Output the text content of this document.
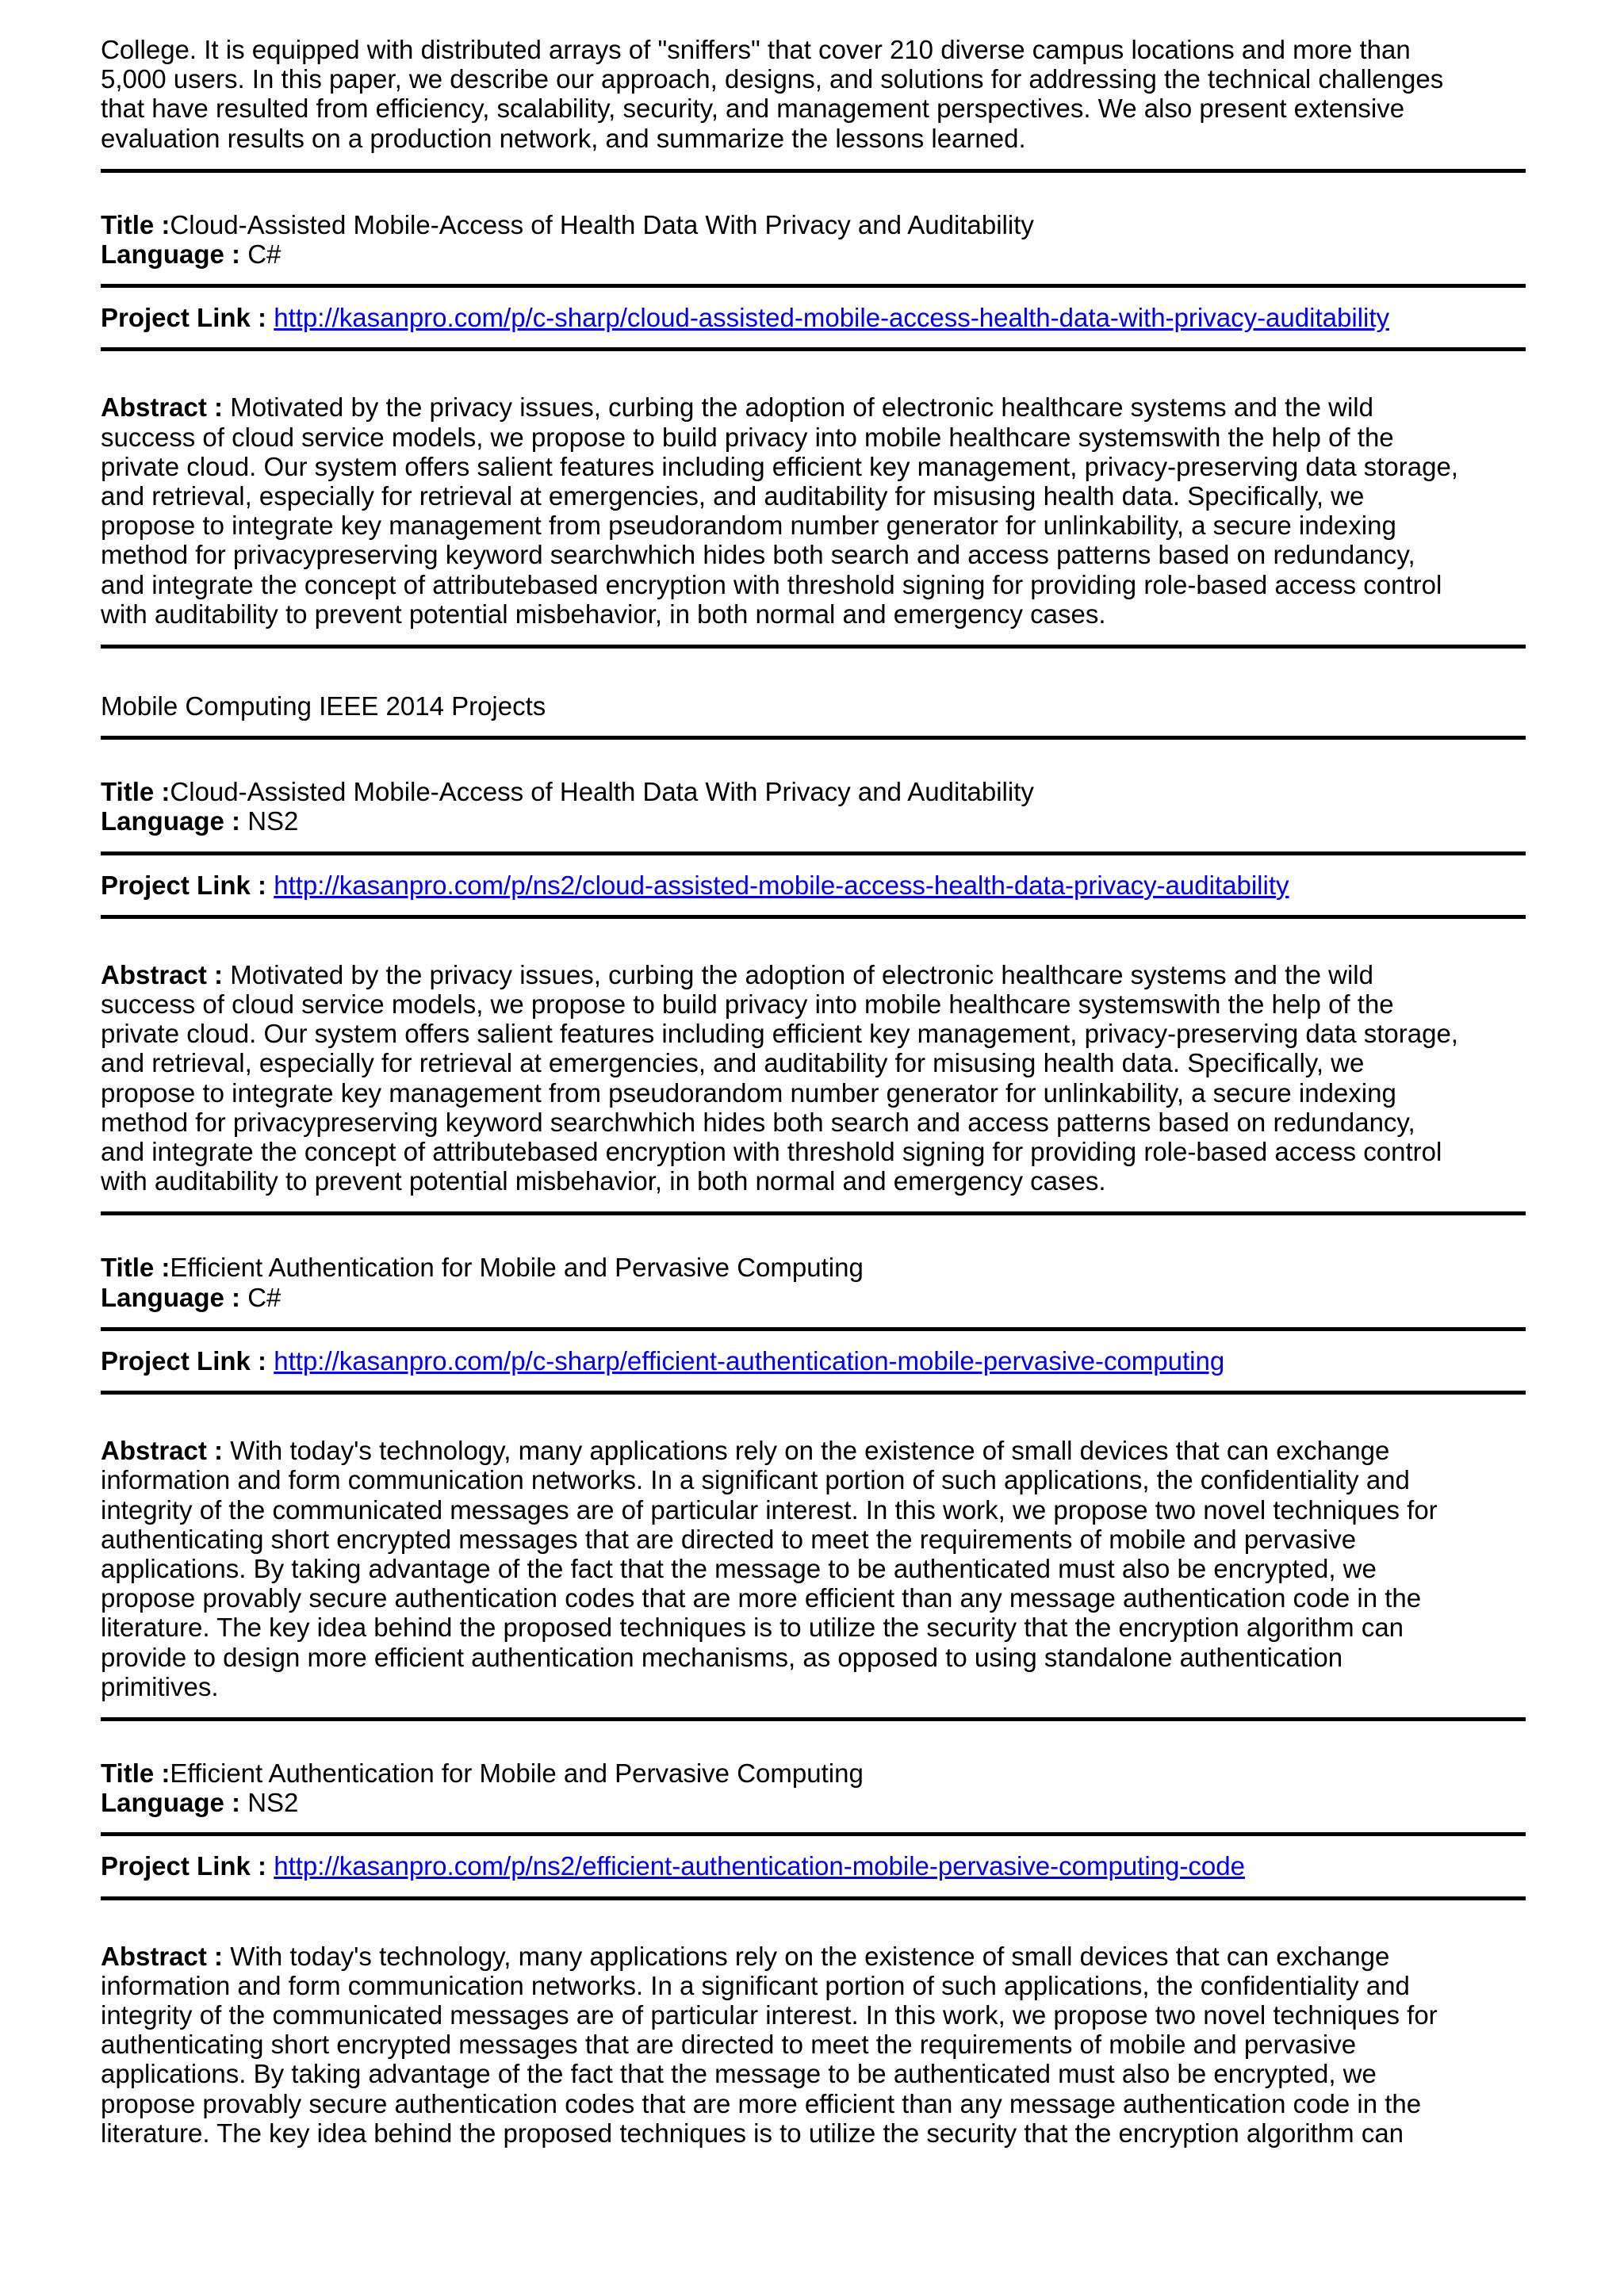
College. It is equipped with distributed arrays of "sniffers" that cover 210 diverse campus locations and more than
5,000 users. In this paper, we describe our approach, designs, and solutions for addressing the technical challenges
that have resulted from efficiency, scalability, security, and management perspectives. We also present extensive
evaluation results on a production network, and summarize the lessons learned.

Title :Cloud-Assisted Mobile-Access of Health Data With Privacy and Auditability
Language : C#
Project Link : http://kasanpro.com/p/c-sharp/cloud-assisted-mobile-access-health-data-with-privacy-auditability

Abstract : Motivated by the privacy issues, curbing the adoption of electronic healthcare systems and the wild
success of cloud service models, we propose to build privacy into mobile healthcare systemswith the help of the
private cloud. Our system offers salient features including efficient key management, privacy-preserving data storage,
and retrieval, especially for retrieval at emergencies, and auditability for misusing health data. Specifically, we
propose to integrate key management from pseudorandom number generator for unlinkability, a secure indexing
method for privacypreserving keyword searchwhich hides both search and access patterns based on redundancy,
and integrate the concept of attributebased encryption with threshold signing for providing role-based access control
with auditability to prevent potential misbehavior, in both normal and emergency cases.

Mobile Computing IEEE 2014 Projects
Title :Cloud-Assisted Mobile-Access of Health Data With Privacy and Auditability
Language : NS2
Project Link : http://kasanpro.com/p/ns2/cloud-assisted-mobile-access-health-data-privacy-auditability

Abstract : Motivated by the privacy issues, curbing the adoption of electronic healthcare systems and the wild
success of cloud service models, we propose to build privacy into mobile healthcare systemswith the help of the
private cloud. Our system offers salient features including efficient key management, privacy-preserving data storage,
and retrieval, especially for retrieval at emergencies, and auditability for misusing health data. Specifically, we
propose to integrate key management from pseudorandom number generator for unlinkability, a secure indexing
method for privacypreserving keyword searchwhich hides both search and access patterns based on redundancy,
and integrate the concept of attributebased encryption with threshold signing for providing role-based access control
with auditability to prevent potential misbehavior, in both normal and emergency cases.

Title :Efficient Authentication for Mobile and Pervasive Computing
Language : C#
Project Link : http://kasanpro.com/p/c-sharp/efficient-authentication-mobile-pervasive-computing

Abstract : With today's technology, many applications rely on the existence of small devices that can exchange
information and form communication networks. In a significant portion of such applications, the confidentiality and
integrity of the communicated messages are of particular interest. In this work, we propose two novel techniques for
authenticating short encrypted messages that are directed to meet the requirements of mobile and pervasive
applications. By taking advantage of the fact that the message to be authenticated must also be encrypted, we
propose provably secure authentication codes that are more efficient than any message authentication code in the
literature. The key idea behind the proposed techniques is to utilize the security that the encryption algorithm can
provide to design more efficient authentication mechanisms, as opposed to using standalone authentication
primitives.

Title :Efficient Authentication for Mobile and Pervasive Computing
Language : NS2
Project Link : http://kasanpro.com/p/ns2/efficient-authentication-mobile-pervasive-computing-code

Abstract : With today's technology, many applications rely on the existence of small devices that can exchange
information and form communication networks. In a significant portion of such applications, the confidentiality and
integrity of the communicated messages are of particular interest. In this work, we propose two novel techniques for
authenticating short encrypted messages that are directed to meet the requirements of mobile and pervasive
applications. By taking advantage of the fact that the message to be authenticated must also be encrypted, we
propose provably secure authentication codes that are more efficient than any message authentication code in the
literature. The key idea behind the proposed techniques is to utilize the security that the encryption algorithm can
